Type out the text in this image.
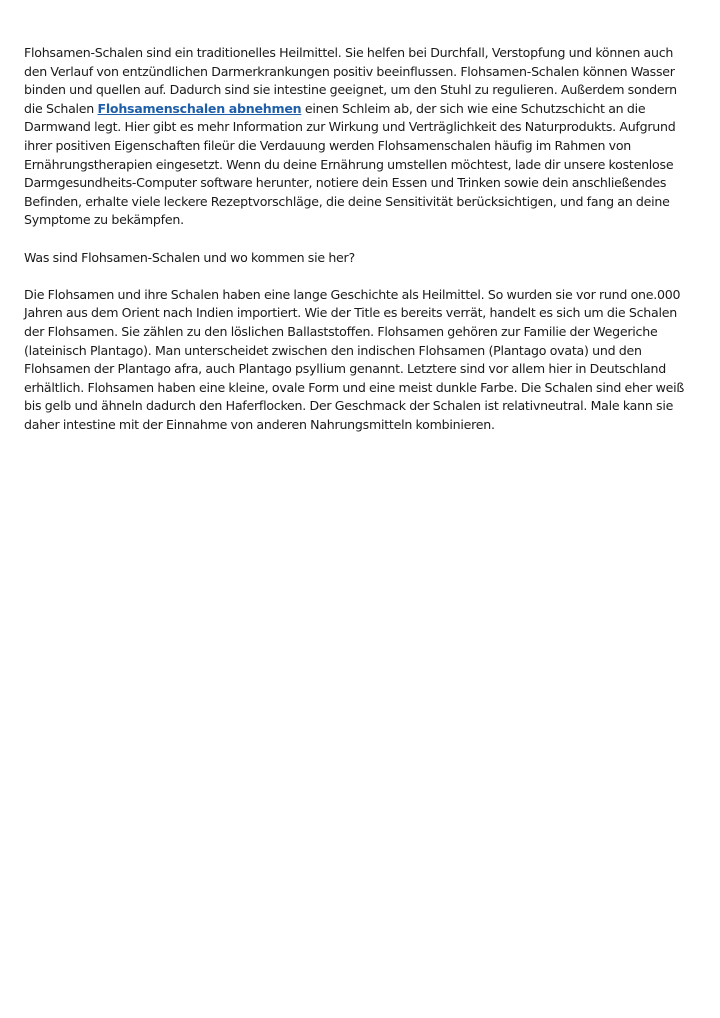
Flohsamen-Schalen sind ein traditionelles Heilmittel. Sie helfen bei Durchfall, Verstopfung und können auch den Verlauf von entzündlichen Darmerkrankungen positiv beeinflussen. Flohsamen-Schalen können Wasser binden und quellen auf. Dadurch sind sie intestine geeignet, um den Stuhl zu regulieren. Außerdem sondern die Schalen Flohsamenschalen abnehmen einen Schleim ab, der sich wie eine Schutzschicht an die Darmwand legt. Hier gibt es mehr Information zur Wirkung und Verträglichkeit des Naturprodukts. Aufgrund ihrer positiven Eigenschaften fileür die Verdauung werden Flohsamenschalen häufig im Rahmen von Ernährungstherapien eingesetzt. Wenn du deine Ernährung umstellen möchtest, lade dir unsere kostenlose Darmgesundheits-Computer software herunter, notiere dein Essen und Trinken sowie dein anschließendes Befinden, erhalte viele leckere Rezeptvorschläge, die deine Sensitivität berücksichtigen, und fang an deine Symptome zu bekämpfen.

Was sind Flohsamen-Schalen und wo kommen sie her?

Die Flohsamen und ihre Schalen haben eine lange Geschichte als Heilmittel. So wurden sie vor rund one.000 Jahren aus dem Orient nach Indien importiert. Wie der Title es bereits verrät, handelt es sich um die Schalen der Flohsamen. Sie zählen zu den löslichen Ballaststoffen. Flohsamen gehören zur Familie der Wegeriche (lateinisch Plantago). Man unterscheidet zwischen den indischen Flohsamen (Plantago ovata) und den Flohsamen der Plantago afra, auch Plantago psyllium genannt. Letztere sind vor allem hier in Deutschland erhältlich. Flohsamen haben eine kleine, ovale Form und eine meist dunkle Farbe. Die Schalen sind eher weiß bis gelb und ähneln dadurch den Haferflocken. Der Geschmack der Schalen ist relativneutral. Male kann sie daher intestine mit der Einnahme von anderen Nahrungsmitteln kombinieren.
